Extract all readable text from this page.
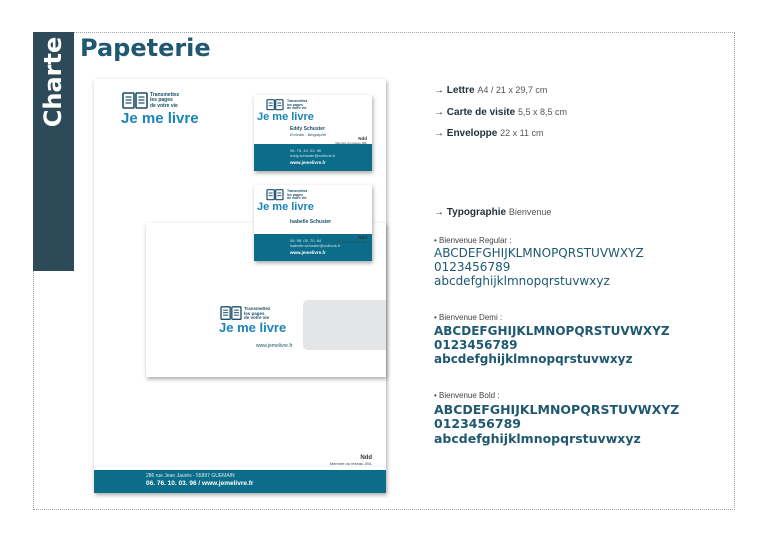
Charte
3
Papeterie
Transmettez
les pages
de votre vie
Je me livre
Ndd
Membre du réseau JML
286 rue Jean Jaurès - 55897 GUEMAIN
06. 76. 10. 03. 96 / www.jemelivre.fr
Transmettez
les pages
de votre vie
Je me livre
www.jemelivre.fr
Transmettez
les pages
de votre vie
Je me livre
Eddy Schuster
Ecrivain - Biographe
Ndd
Membre du réseau JML
06. 76. 10. 03. 96
eddy.schuster@outlook.fr
www.jemelivre.fr
Transmettez
les pages
de votre vie
Je me livre
Isabelle Schuster
Ndd
Membre du réseau JML
06. 98. 05. 70. 64
isabelle.schuster@outlook.fr
www.jemelivre.fr
→ Lettre A4 / 21 x 29,7 cm
→ Carte de visite 5,5 x 8,5 cm
→ Enveloppe 22 x 11 cm
→ Typographie Bienvenue
• Bienvenue Regular :
ABCDEFGHIJKLMNOPQRSTUVWXYZ
0123456789
abcdefghijklmnopqrstuvwxyz
• Bienvenue Demi :
ABCDEFGHIJKLMNOPQRSTUVWXYZ
0123456789
abcdefghijklmnopqrstuvwxyz
• Bienvenue Bold :
ABCDEFGHIJKLMNOPQRSTUVWXYZ
0123456789
abcdefghijklmnopqrstuvwxyz
